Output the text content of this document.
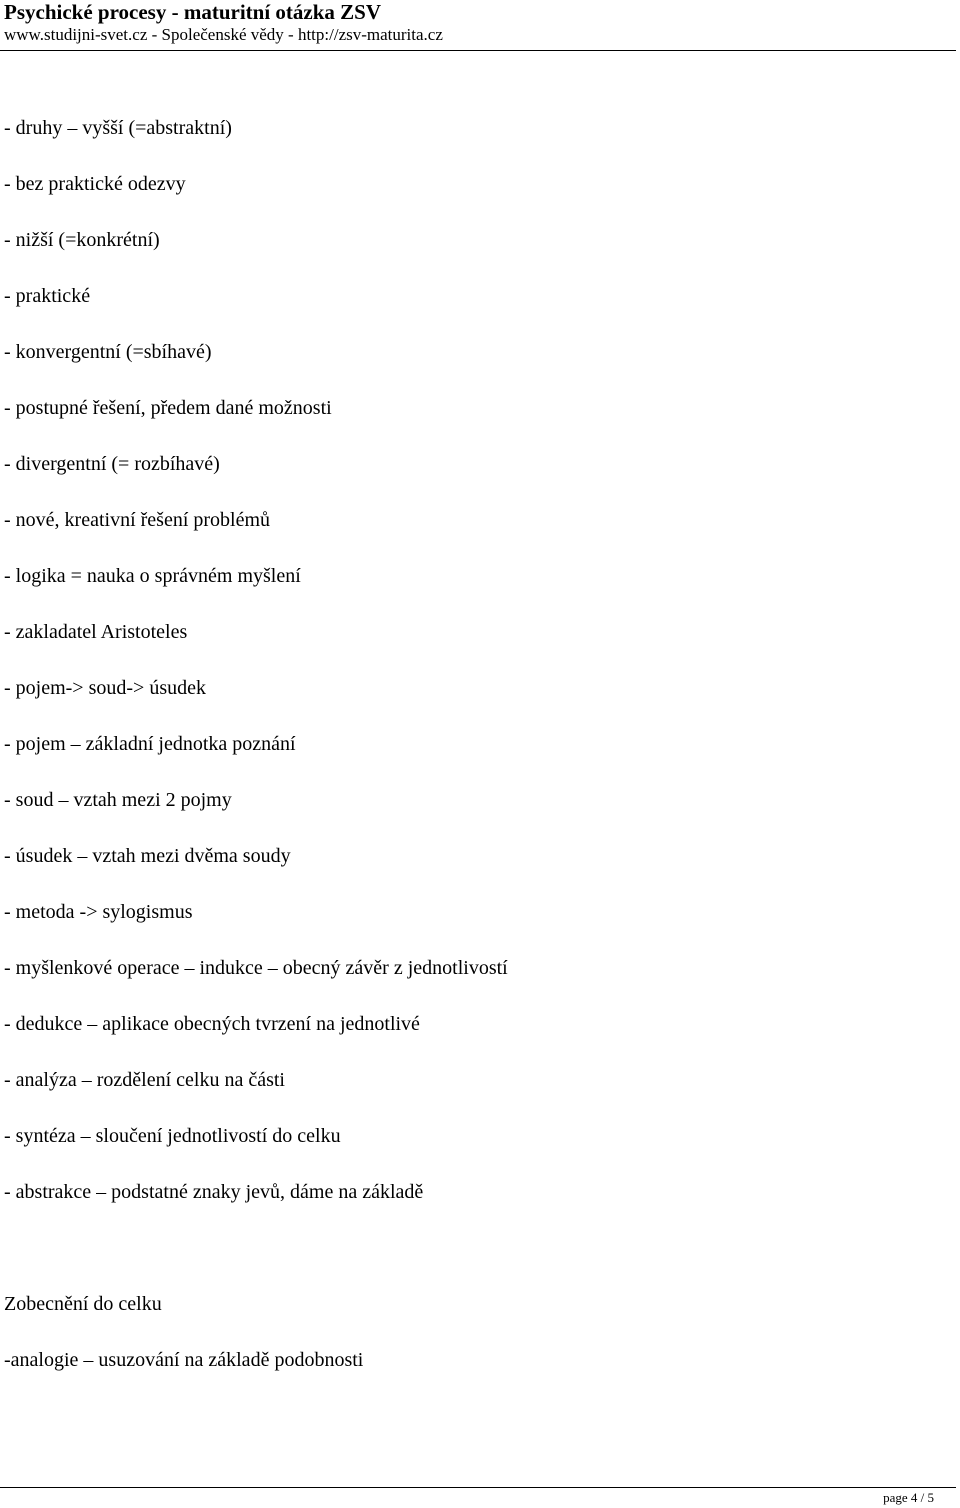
Psychické procesy - maturitní otázka ZSV
www.studijni-svet.cz - Společenské vědy - http://zsv-maturita.cz
- druhy – vyšší (=abstraktní)
- bez praktické odezvy
- nižší (=konkrétní)
- praktické
- konvergentní (=sbíhavé)
- postupné řešení, předem dané možnosti
- divergentní (= rozbíhavé)
- nové, kreativní řešení problémů
- logika = nauka o správném myšlení
- zakladatel Aristoteles
- pojem-> soud-> úsudek
- pojem – základní jednotka poznání
- soud – vztah mezi 2 pojmy
- úsudek – vztah mezi dvěma soudy
- metoda -> sylogismus
- myšlenkové operace – indukce – obecný závěr z jednotlivostí
- dedukce – aplikace obecných tvrzení na jednotlivé
- analýza – rozdělení celku na části
- syntéza – sloučení jednotlivostí do celku
- abstrakce – podstatné znaky jevů, dáme na základě
Zobecnění do celku
-analogie – usuzování na základě podobnosti
page 4 / 5
